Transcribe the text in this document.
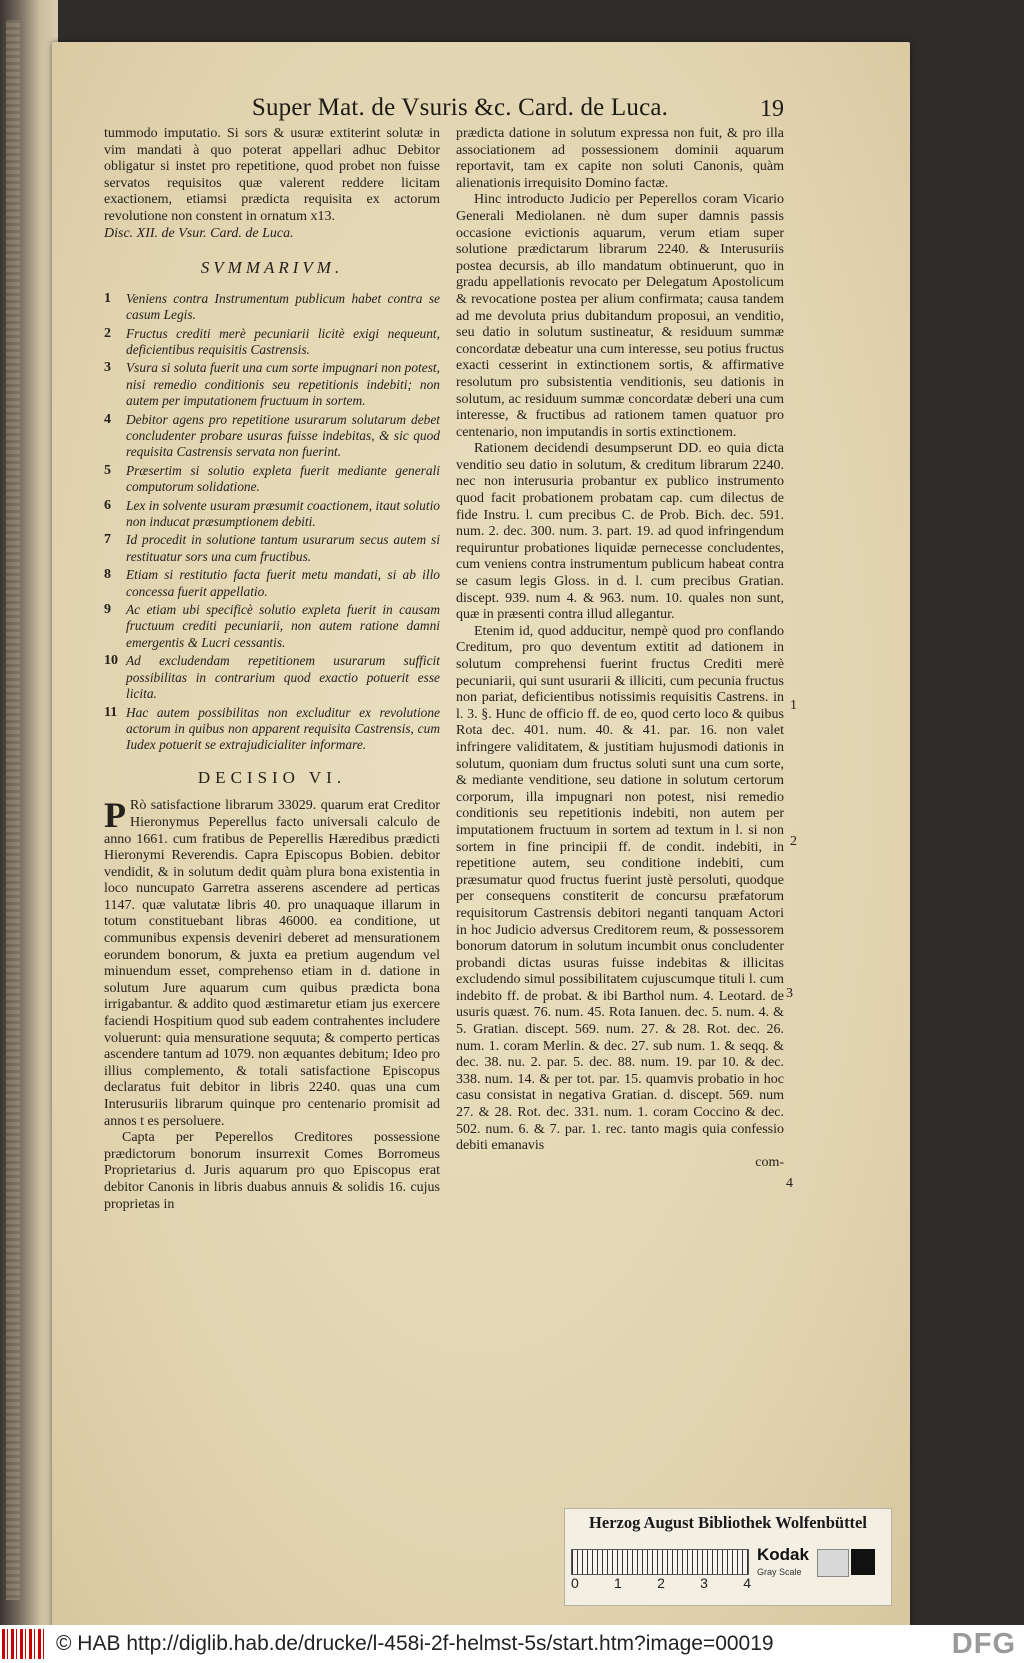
Super Mat. de Vsuris &c. Card. de Luca.	19

tummodo imputatio. Si sors & usuræ extiterint solutæ in vim mandati à quo poterat appellari adhuc Debitor obligatur si instet pro repetitione, quod probet non fuisse servatos requisitos quæ valerent reddere licitam exactionem, etiamsi prædicta requisita ex actorum revolutione non constent in ornatum x13.

Disc. XII. de Vsur. Card. de Luca.

SVMMARIVM.
1	Veniens contra Instrumentum publicum habet contra se casum Legis.
2	Fructus crediti merè pecuniarii licitè exigi nequeunt, deficientibus requisitis Castrensis.
3	Vsura si soluta fuerit una cum sorte impugnari non potest, nisi remedio conditionis seu repetitionis indebiti; non autem per imputationem fructuum in sortem.
4	Debitor agens pro repetitione usurarum solutarum debet concludenter probare usuras fuisse indebitas, & sic quod requisita Castrensis servata non fuerint.
5	Præsertim si solutio expleta fuerit mediante generali computorum solidatione.
6	Lex in solvente usuram præsumit coactionem, itaut solutio non inducat præsumptionem debiti.
7	Id procedit in solutione tantum usurarum secus autem si restituatur sors una cum fructibus.
8	Etiam si restitutio facta fuerit metu mandati, si ab illo concessa fuerit appellatio.
9	Ac etiam ubi specificè solutio expleta fuerit in causam fructuum crediti pecuniarii, non autem ratione damni emergentis & Lucri cessantis.
10 Ad excludendam repetitionem usurarum sufficit possibilitas in contrarium quod exactio potuerit esse licita.
11 Hac autem possibilitas non excluditur ex revolutione actorum in quibus non apparent requisita Castrensis, cum Iudex potuerit se extrajudicialiter informare.
DECISIO VI.

P Rò satisfactione librarum 33029. quarum erat Creditor Hieronymus Peperellus facto universali calculo de anno 1661. cum fratibus de Peperellis Hæredibus prædicti Hieronymi Reverendis. Capra Episcopus Bobien. debitor vendidit, & in solutum dedit quàm plura bona existentia in loco nuncupato Garretra asserens ascendere ad perticas 1147. quæ valutatæ libris 40. pro unaquaque illarum in totum constituebant libras 46000. ea conditione, ut communibus expensis deveniri deberet ad mensurationem eorundem bonorum, & juxta ea pretium augendum vel minuendum esset, comprehenso etiam in d. datione in solutum Jure aquarum cum quibus prædicta bona irrigabantur. & addito quod æstimaretur etiam jus exercere faciendi Hospitium quod sub eadem contrahentes includere voluerunt: quia mensuratione sequuta; & comperto perticas ascendere tantum ad 1079. non æquantes debitum; Ideo pro illius complemento, & totali satisfactione Episcopus declaratus fuit debitor in libris 2240. quas una cum Interusuriis librarum quinque pro centenario promisit ad annos t es persoluere.

Capta per Peperellos Creditores possessione prædictorum bonorum insurrexit Comes Borromeus Proprietarius d. Juris aquarum pro quo Episcopus erat debitor Canonis in libris duabus annuis & solidis 16. cujus proprietas in

prædicta datione in solutum expressa non fuit, & pro illa associationem ad possessionem dominii aquarum reportavit, tam ex capite non soluti Canonis, quàm alienationis irrequisito Domino factæ.

Hinc introducto Judicio per Peperellos coram Vicario Generali Mediolanen. nè dum super damnis passis occasione evictionis aquarum, verum etiam super solutione prædictarum librarum 2240. & Interusuriis postea decursis, ab illo mandatum obtinuerunt, quo in gradu appellationis revocato per Delegatum Apostolicum & revocatione postea per alium confirmata; causa tandem ad me devoluta prius dubitandum proposui, an venditio, seu datio in solutum sustineatur, & residuum summæ concordatæ debeatur una cum interesse, seu potius fructus exacti cesserint in extinctionem sortis, & affirmative resolutum pro subsistentia venditionis, seu dationis in solutum, ac residuum summæ concordatæ deberi una cum interesse, & fructibus ad rationem tamen quatuor pro centenario, non imputandis in sortis extinctionem.

Rationem decidendi desumpserunt DD. eo quia dicta venditio seu datio in solutum, & creditum librarum 2240. nec non interusuria probantur ex publico instrumento quod facit probationem probatam cap. cum dilectus de fide Instru. l. cum precibus C. de Prob. Bich. dec. 591. num. 2. dec. 300. num. 3. part. 19. ad quod infringendum requiruntur probationes liquidæ pernecesse concludentes, cum veniens contra instrumentum publicum habeat contra se casum legis Gloss. in d. l. cum precibus Gratian. discept. 939. num 4. & 963. num. 10. quales non sunt, quæ in præsenti contra illud allegantur.

Etenim id, quod adducitur, nempè quod pro conflando Creditum, pro quo deventum extitit ad dationem in solutum comprehensi fuerint fructus Crediti merè pecuniarii, qui sunt usurarii & illiciti, cum pecunia fructus non pariat, deficientibus notissimis requisitis Castrens. in l. 3. §. Hunc de officio ff. de eo, quod certo loco & quibus Rota dec. 401. num. 40. & 41. par. 16. non valet infringere validitatem, & justitiam hujusmodi dationis in solutum, quoniam dum fructus soluti sunt una cum sorte, & mediante venditione, seu datione in solutum certorum corporum, illa impugnari non potest, nisi remedio conditionis seu repetitionis indebiti, non autem per imputationem fructuum in sortem ad textum in l. si non sortem in fine principii ff. de condit. indebiti, in repetitione autem, seu conditione indebiti, cum præsumatur quod fructus fuerint justè persoluti, quodque per consequens constiterit de concursu præfatorum requisitorum Castrensis debitori neganti tanquam Actori in hoc Judicio adversus Creditorem reum, & possessorem bonorum datorum in solutum incumbit onus concludenter probandi dictas usuras fuisse indebitas & illicitas excludendo simul possibilitatem cujuscumque tituli l. cum indebito ff. de probat. & ibi Barthol num. 4. Leotard. de usuris quæst. 76. num. 45. Rota Ianuen. dec. 5. num. 4. & 5. Gratian. discept. 569. num. 27. & 28. Rot. dec. 26. num. 1. coram Merlin. & dec. 27. sub num. 1. & seqq. & dec. 38. nu. 2. par. 5. dec. 88. num. 19. par 10. & dec. 338. num. 14. & per tot. par. 15. quamvis probatio in hoc casu consistat in negativa Gratian. d. discept. 569. num 27. & 28. Rot. dec. 331. num. 1. coram Coccino & dec. 502. num. 6. & 7. par. 1. rec. tanto magis quia confessio debiti emanavis

com-

1
2
3
4
Herzog August Bibliothek Wolfenbüttel
0	1	2	3	4
Kodak
Gray Scale
© HAB http://diglib.hab.de/drucke/l-458i-2f-helmst-5s/start.htm?image=00019	DFG
